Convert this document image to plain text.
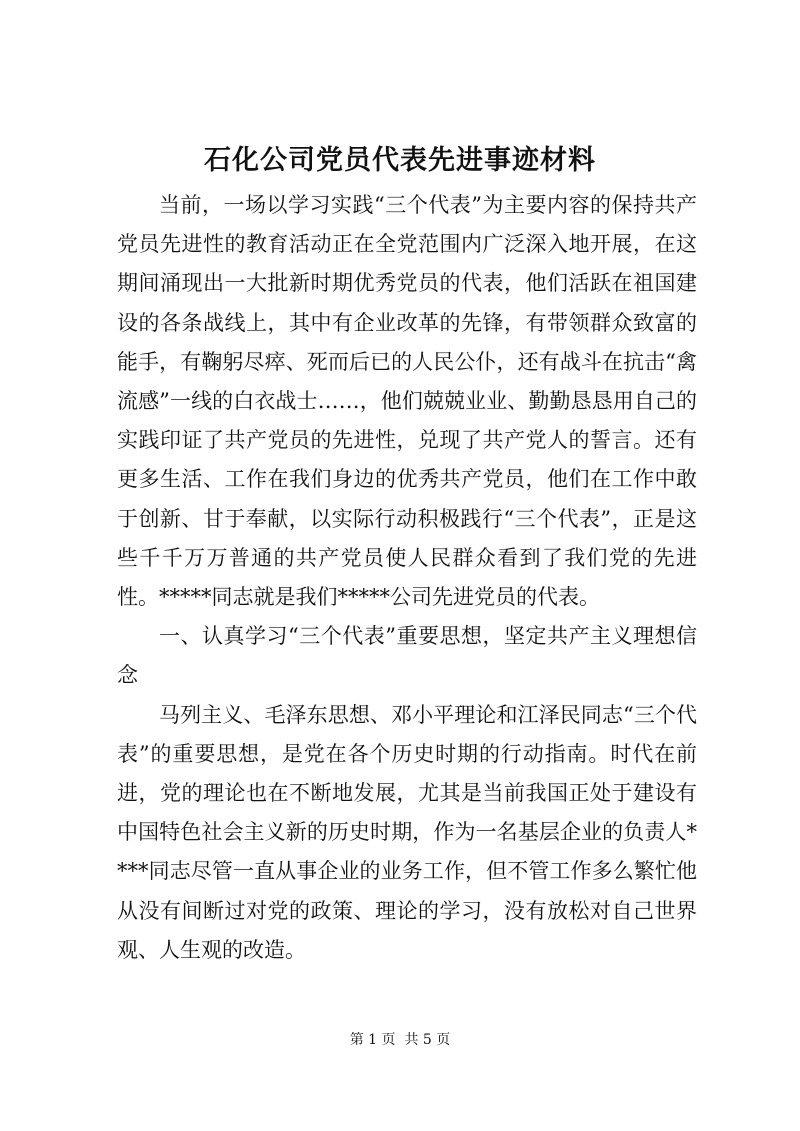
石化公司党员代表先进事迹材料

当前，一场以学习实践“三个代表”为主要内容的保持共产党员先进性的教育活动正在全党范围内广泛深入地开展，在这期间涌现出一大批新时期优秀党员的代表，他们活跃在祖国建设的各条战线上，其中有企业改革的先锋，有带领群众致富的能手，有鞠躬尽瘁、死而后已的人民公仆，还有战斗在抗击“禽流感”一线的白衣战士……，他们兢兢业业、勤勤恳恳用自己的实践印证了共产党员的先进性，兑现了共产党人的誓言。还有更多生活、工作在我们身边的优秀共产党员，他们在工作中敢于创新、甘于奉献，以实际行动积极践行“三个代表”，正是这些千千万万普通的共产党员使人民群众看到了我们党的先进性。*****同志就是我们*****公司先进党员的代表。

一、认真学习“三个代表”重要思想，坚定共产主义理想信念

马列主义、毛泽东思想、邓小平理论和江泽民同志“三个代表”的重要思想，是党在各个历史时期的行动指南。时代在前进，党的理论也在不断地发展，尤其是当前我国正处于建设有中国特色社会主义新的历史时期，作为一名基层企业的负责人****同志尽管一直从事企业的业务工作，但不管工作多么繁忙他从没有间断过对党的政策、理论的学习，没有放松对自己世界观、人生观的改造。

第 1 页  共 5 页
